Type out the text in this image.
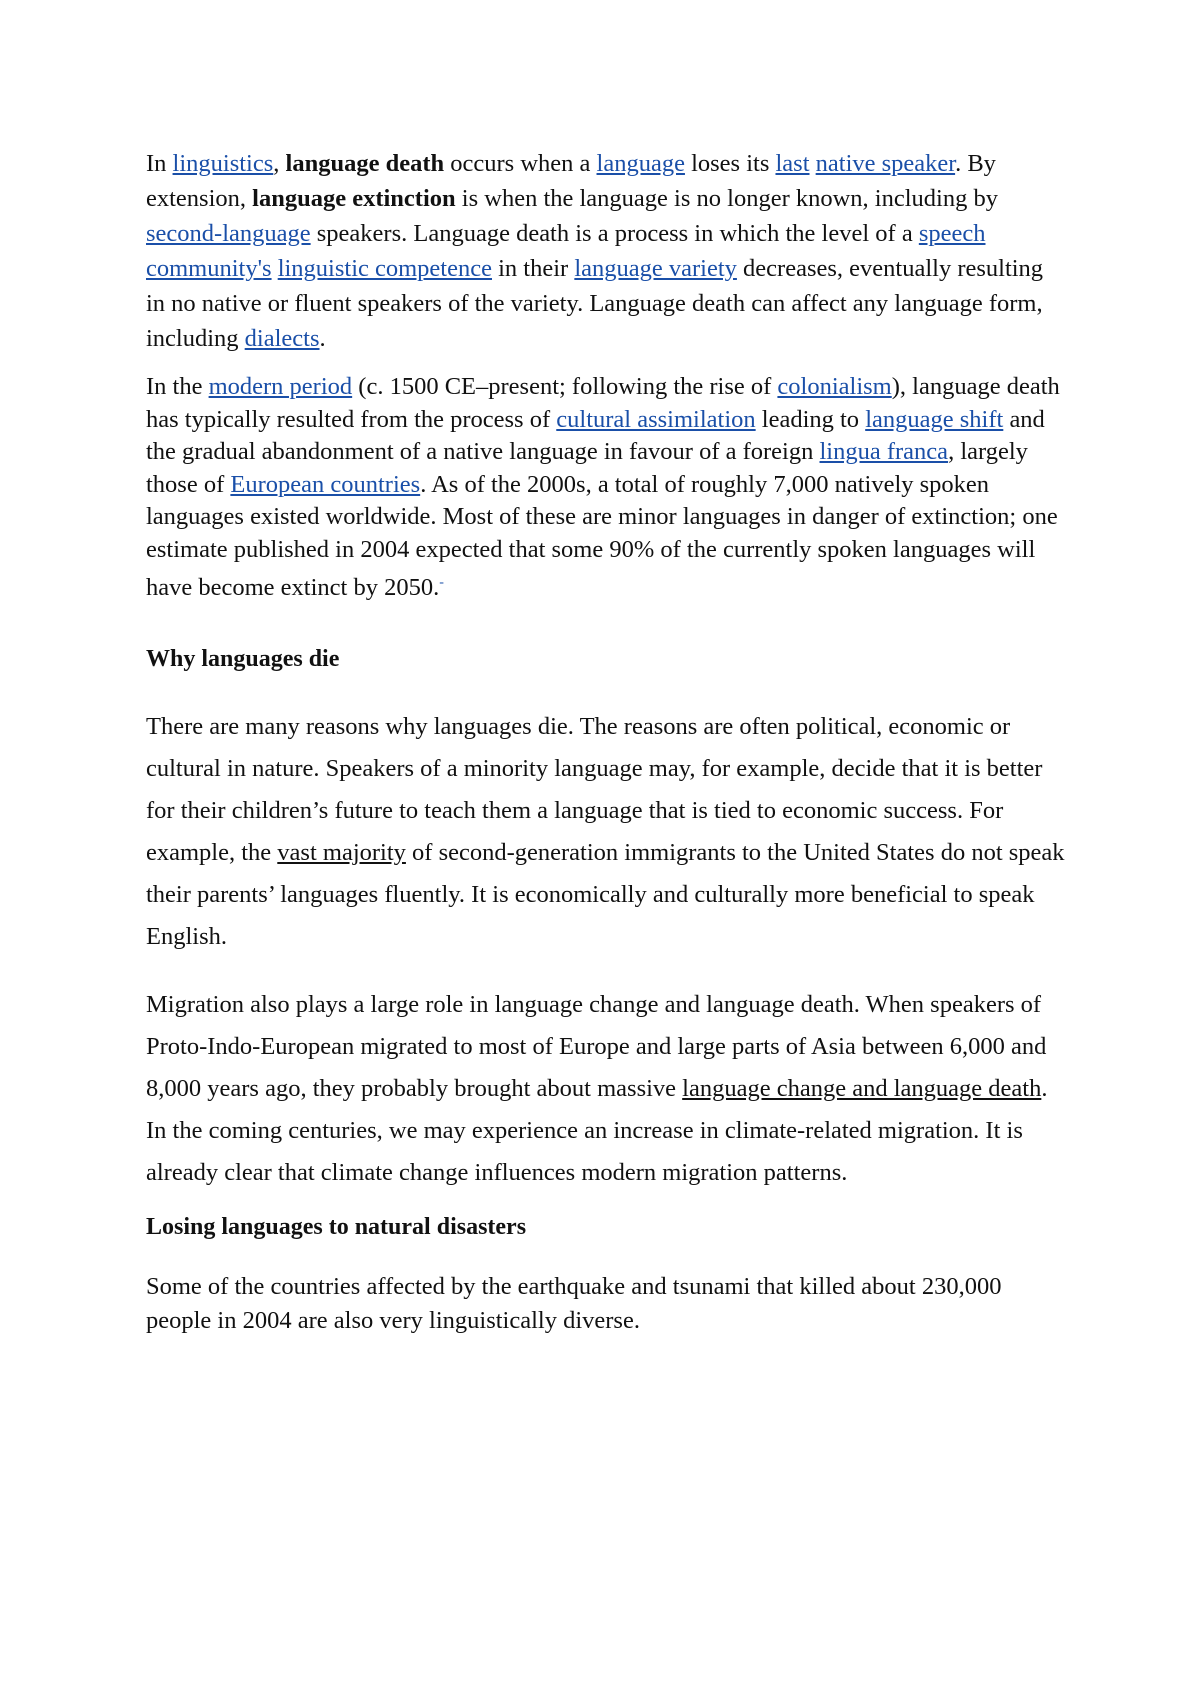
In linguistics, language death occurs when a language loses its last native speaker. By extension, language extinction is when the language is no longer known, including by second-language speakers. Language death is a process in which the level of a speech community's linguistic competence in their language variety decreases, eventually resulting in no native or fluent speakers of the variety. Language death can affect any language form, including dialects.

In the modern period (c. 1500 CE–present; following the rise of colonialism), language death has typically resulted from the process of cultural assimilation leading to language shift and the gradual abandonment of a native language in favour of a foreign lingua franca, largely those of European countries. As of the 2000s, a total of roughly 7,000 natively spoken languages existed worldwide. Most of these are minor languages in danger of extinction; one estimate published in 2004 expected that some 90% of the currently spoken languages will have become extinct by 2050.-

Why languages die

There are many reasons why languages die. The reasons are often political, economic or cultural in nature. Speakers of a minority language may, for example, decide that it is better for their children’s future to teach them a language that is tied to economic success. For example, the vast majority of second-generation immigrants to the United States do not speak their parents’ languages fluently. It is economically and culturally more beneficial to speak English.

Migration also plays a large role in language change and language death. When speakers of Proto-Indo-European migrated to most of Europe and large parts of Asia between 6,000 and 8,000 years ago, they probably brought about massive language change and language death. In the coming centuries, we may experience an increase in climate-related migration. It is already clear that climate change influences modern migration patterns.

Losing languages to natural disasters

Some of the countries affected by the earthquake and tsunami that killed about 230,000 people in 2004 are also very linguistically diverse.
